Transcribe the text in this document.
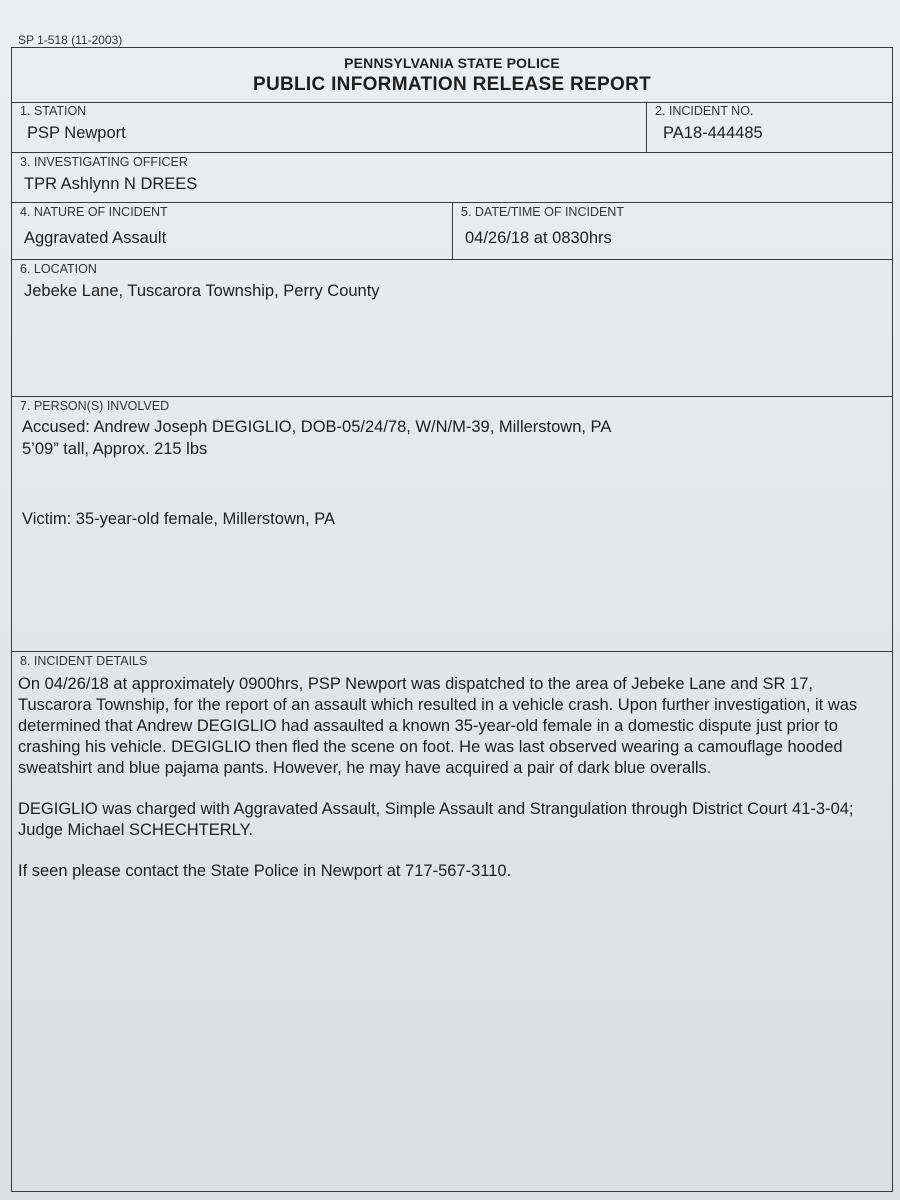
SP 1-518 (11-2003)
PENNSYLVANIA STATE POLICE
PUBLIC INFORMATION RELEASE REPORT
1. STATION
PSP Newport
2. INCIDENT NO.
PA18-444485
3. INVESTIGATING OFFICER
TPR Ashlynn N DREES
4. NATURE OF INCIDENT
Aggravated Assault
5. DATE/TIME OF INCIDENT
04/26/18 at 0830hrs
6. LOCATION
Jebeke Lane, Tuscarora Township, Perry County
7. PERSON(S) INVOLVED
Accused: Andrew Joseph DEGIGLIO, DOB-05/24/78, W/N/M-39, Millerstown, PA
5’09” tall, Approx. 215 lbs
Victim: 35-year-old female, Millerstown, PA
8. INCIDENT DETAILS

On 04/26/18 at approximately 0900hrs, PSP Newport was dispatched to the area of Jebeke Lane and SR 17, Tuscarora Township, for the report of an assault which resulted in a vehicle crash. Upon further investigation, it was determined that Andrew DEGIGLIO had assaulted a known 35-year-old female in a domestic dispute just prior to crashing his vehicle. DEGIGLIO then fled the scene on foot. He was last observed wearing a camouflage hooded sweatshirt and blue pajama pants. However, he may have acquired a pair of dark blue overalls.

DEGIGLIO was charged with Aggravated Assault, Simple Assault and Strangulation through District Court 41-3-04; Judge Michael SCHECHTERLY.

If seen please contact the State Police in Newport at 717-567-3110.
